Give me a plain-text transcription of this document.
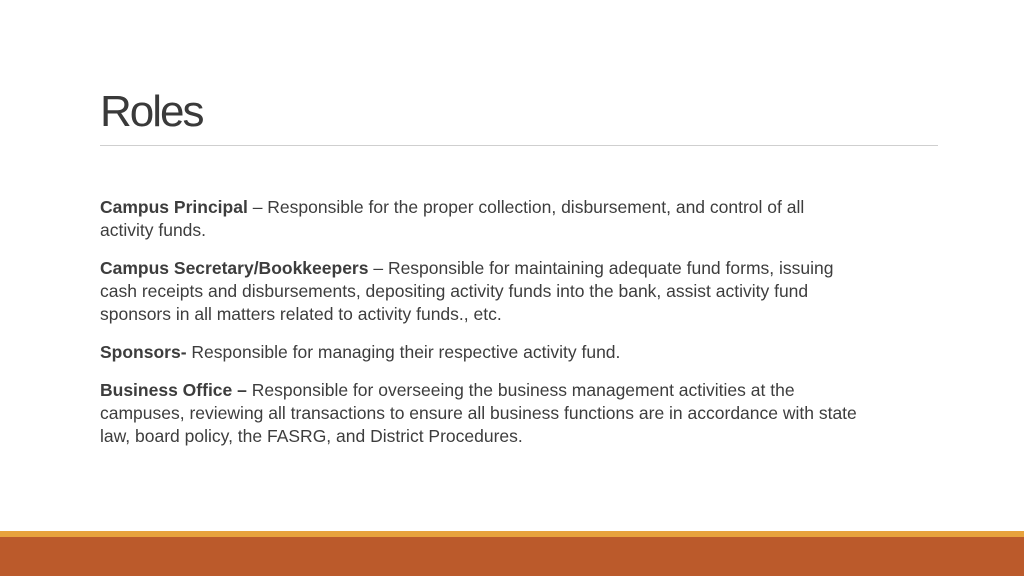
Roles

Campus Principal – Responsible for the proper collection, disbursement, and control of all activity funds.

Campus Secretary/Bookkeepers – Responsible for maintaining adequate fund forms, issuing cash receipts and disbursements, depositing activity funds into the bank, assist activity fund sponsors in all matters related to activity funds., etc.

Sponsors- Responsible for managing their respective activity fund.

Business Office – Responsible for overseeing the business management activities at the campuses, reviewing all transactions to ensure all business functions are in accordance with state law, board policy, the FASRG, and District Procedures.
